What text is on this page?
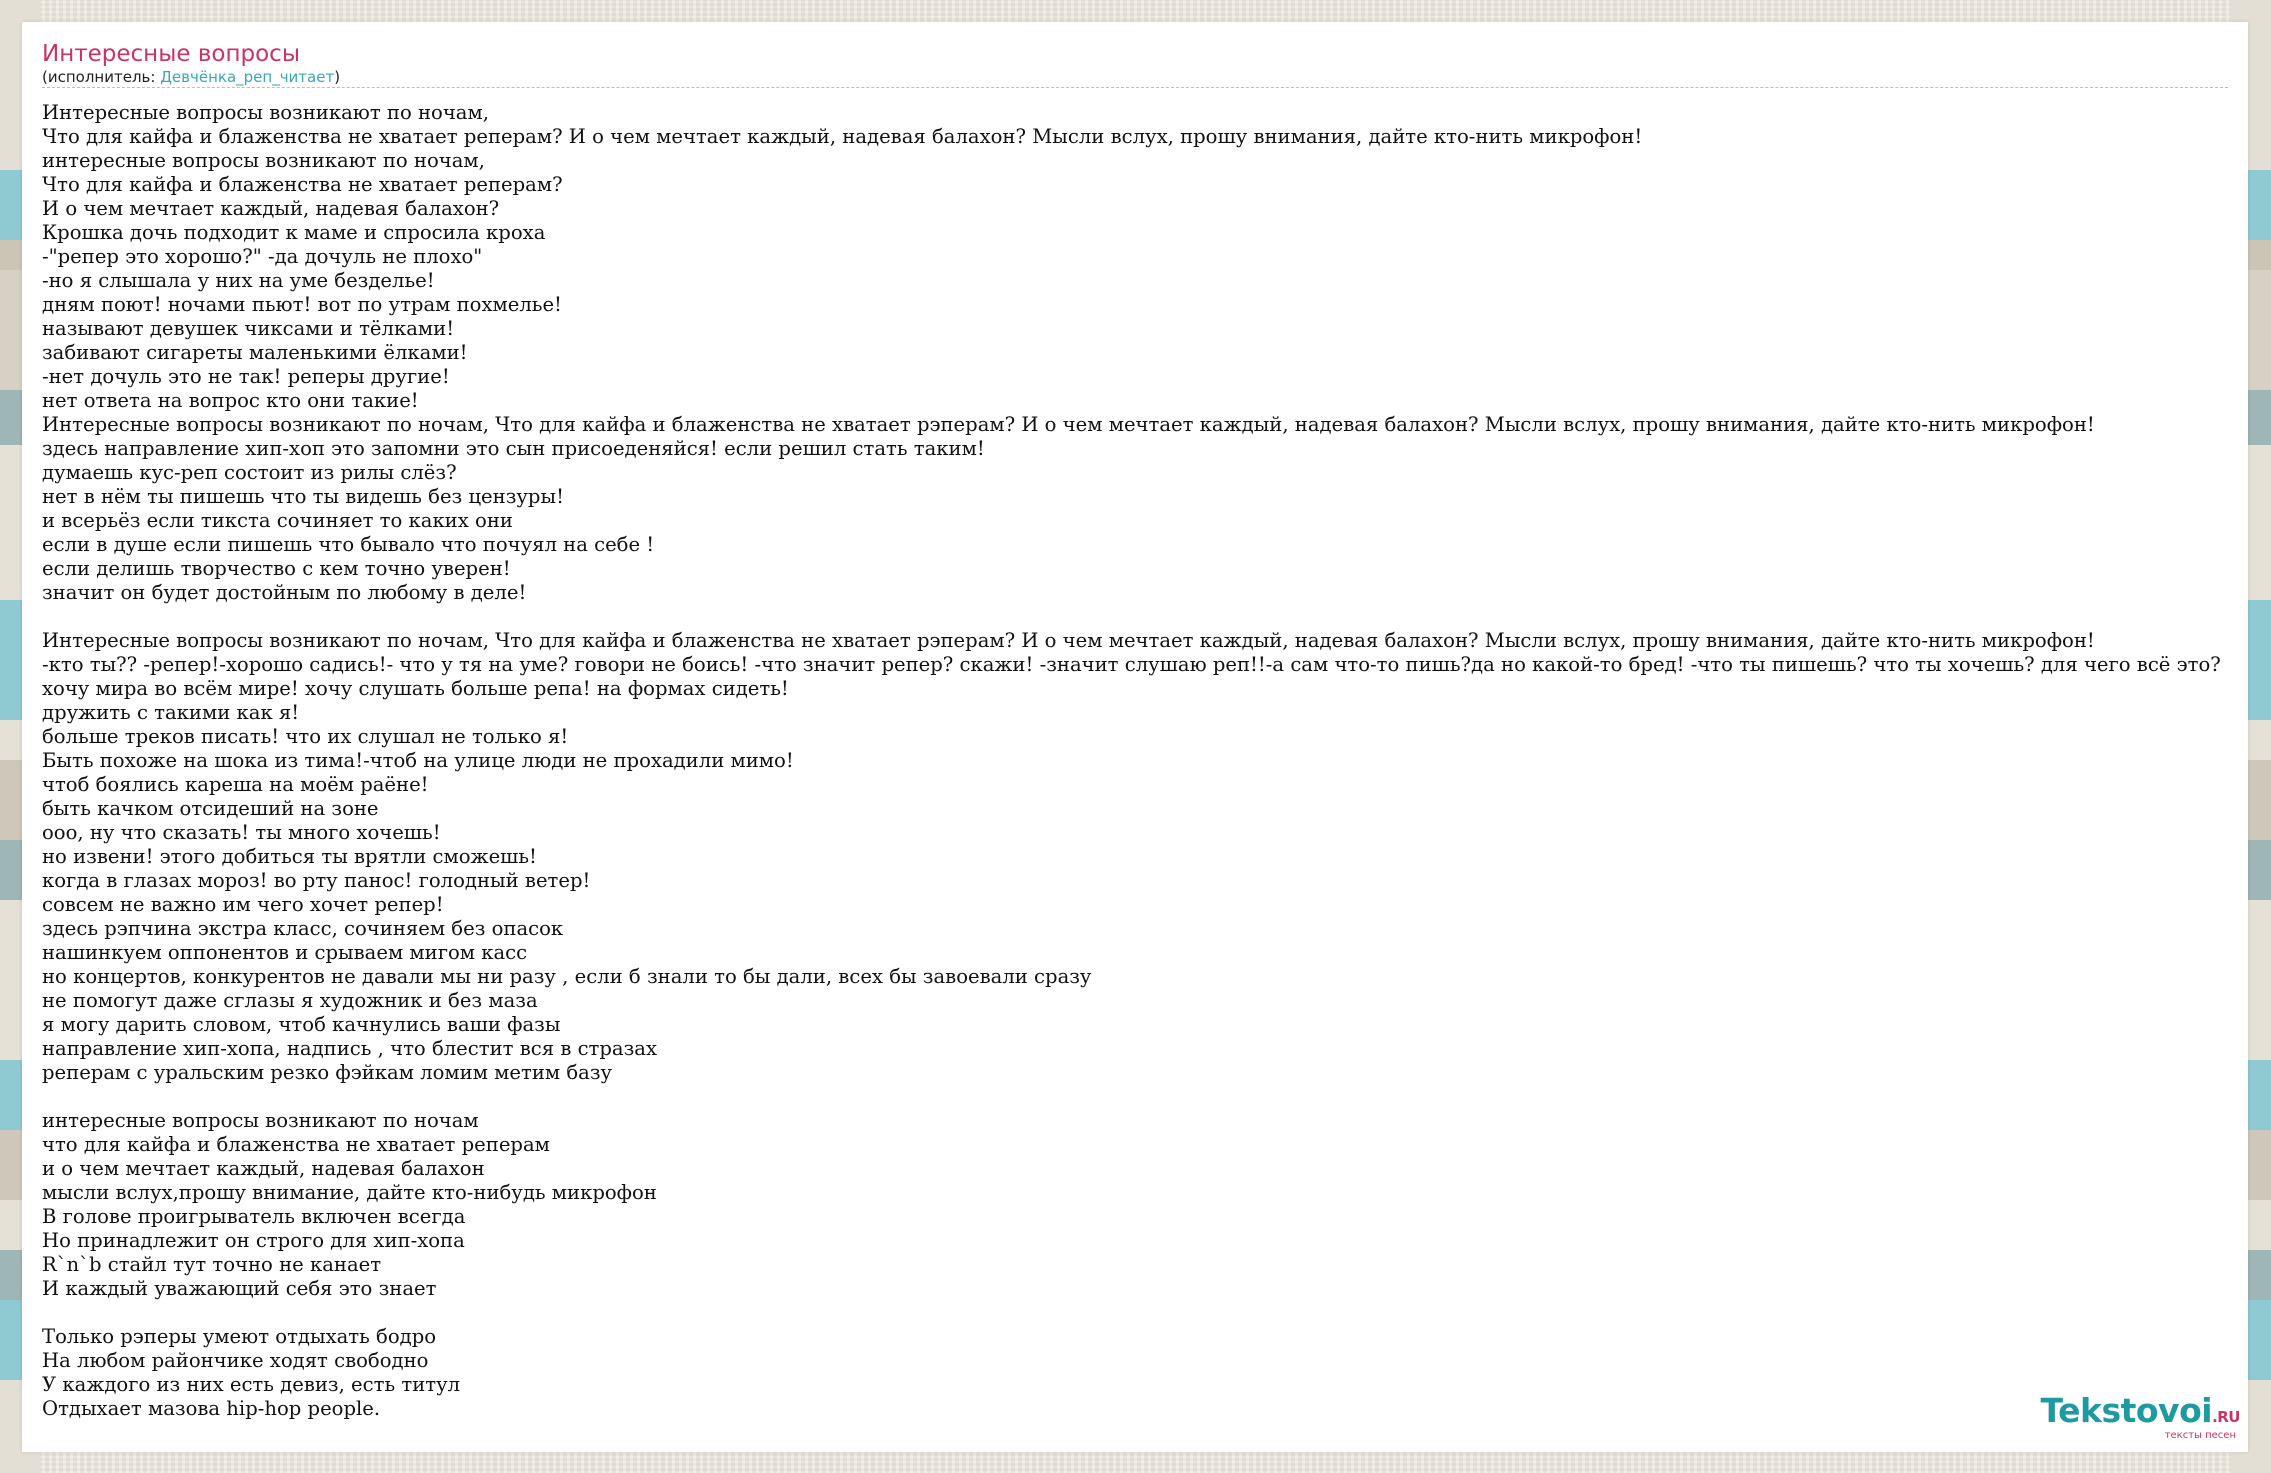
Интересные вопросы
(исполнитель: Девчёнка_реп_читает)
Интересные вопросы возникают по ночам,
Что для кайфа и блаженства не хватает реперам? И о чем мечтает каждый, надевая балахон? Мысли вслух, прошу внимания, дайте кто-нить микрофон!
интересные вопросы возникают по ночам,
Что для кайфа и блаженства не хватает реперам?
И о чем мечтает каждый, надевая балахон?
Крошка дочь подходит к маме и спросила кроха
-"репер это хорошо?" -да дочуль не плохо"
-но я слышала у них на уме безделье!
дням поют! ночами пьют! вот по утрам похмелье!
называют девушек чиксами и тёлками!
забивают сигареты маленькими ёлками!
-нет дочуль это не так! реперы другие!
нет ответа на вопрос кто они такие!
Интересные вопросы возникают по ночам, Что для кайфа и блаженства не хватает рэперам? И о чем мечтает каждый, надевая балахон? Мысли вслух, прошу внимания, дайте кто-нить микрофон!
здесь направление хип-хоп это запомни это сын присоеденяйся! если решил стать таким!
думаешь кус-реп состоит из рилы слёз?
нет в нём ты пишешь что ты видешь без цензуры!
и всерьёз если тикста сочиняет то каких они
если в душе если пишешь что бывало что почуял на себе !
если делишь творчество с кем точно уверен!
значит он будет достойным по любому в деле!
Интересные вопросы возникают по ночам, Что для кайфа и блаженства не хватает рэперам? И о чем мечтает каждый, надевая балахон? Мысли вслух, прошу внимания, дайте кто-нить микрофон!
-кто ты?? -репер!-хорошо садись!- что у тя на уме? говори не боись! -что значит репер? скажи! -значит слушаю реп!!-а сам что-то пишь?да но какой-то бред! -что ты пишешь? что ты хочешь? для чего всё это?
хочу мира во всём мире! хочу слушать больше репа! на формах сидеть!
дружить с такими как я!
больше треков писать! что их слушал не только я!
Быть похоже на шока из тима!-чтоб на улице люди не прохадили мимо!
чтоб боялись кареша на моём раёне!
быть качком отсидеший на зоне
ооо, ну что сказать! ты много хочешь!
но извени! этого добиться ты врятли сможешь!
когда в глазах мороз! во рту панос! голодный ветер!
совсем не важно им чего хочет репер!
здесь рэпчина экстра класс, сочиняем без опасок
нашинкуем оппонентов и срываем мигом касс
но концертов, конкурентов не давали мы ни разу , если б знали то бы дали, всех бы завоевали сразу
не помогут даже сглазы я художник и без маза
я могу дарить словом, чтоб качнулись ваши фазы
направление хип-хопа, надпись , что блестит вся в стразах
реперам с уральским резко фэйкам ломим метим базу
интересные вопросы возникают по ночам
что для кайфа и блаженства не хватает реперам
и о чем мечтает каждый, надевая балахон
мысли вслух,прошу внимание, дайте кто-нибудь микрофон
В голове проигрыватель включен всегда
Но принадлежит он строго для хип-хопа
R`n`b стайл тут точно не канает
И каждый уважающий себя это знает
Только рэперы умеют отдыхать бодро
На любом райончике ходят свободно
У каждого из них есть девиз, есть титул
Отдыхает мазова hip-hop people.	Tekstovoi.RU
тексты песен
